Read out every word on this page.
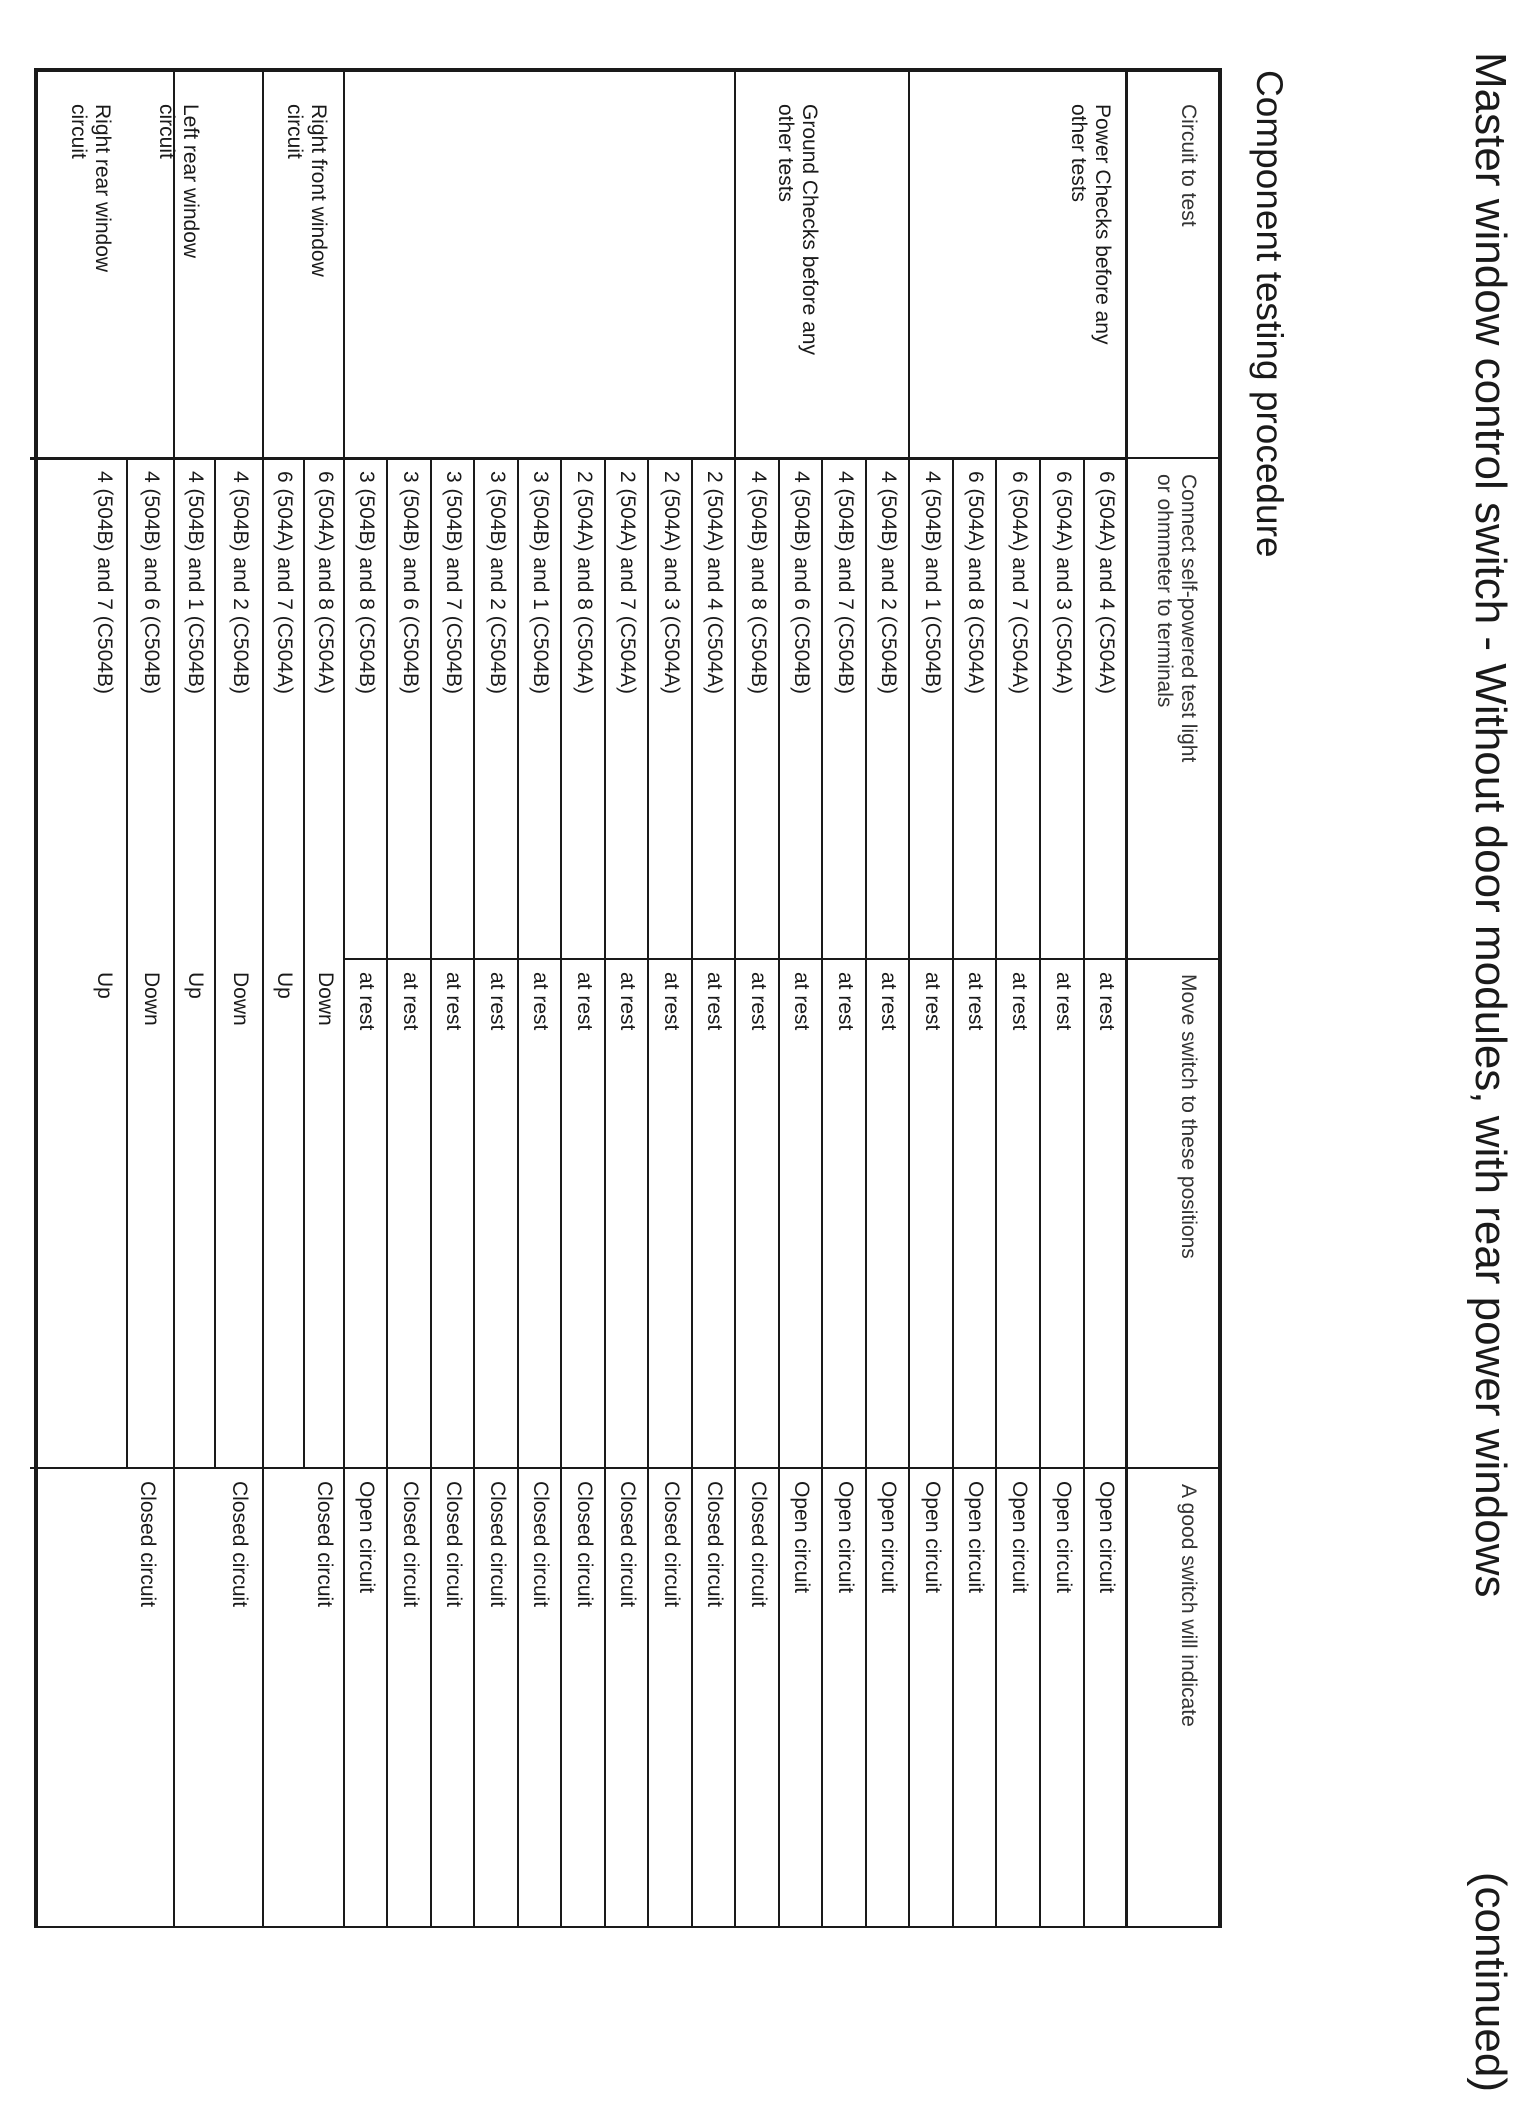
Master window control switch - Without door modules, with rear power windows
(continued)
Component testing procedure
Circuit to test
Connect self-powered test light
or ohmmeter to terminals
Move switch to these positions
A good switch will indicate
Power Checks before any
other tests
Ground Checks before any
other tests
Right front window
circuit
Left rear window
circuit
Right rear window
circuit
6 (504A) and 4 (C504A)
at rest
Open circuit
6 (504A) and 3 (C504A)
at rest
Open circuit
6 (504A) and 7 (C504A)
at rest
Open circuit
6 (504A) and 8 (C504A)
at rest
Open circuit
4 (504B) and 1 (C504B)
at rest
Open circuit
4 (504B) and 2 (C504B)
at rest
Open circuit
4 (504B) and 7 (C504B)
at rest
Open circuit
4 (504B) and 6 (C504B)
at rest
Open circuit
4 (504B) and 8 (C504B)
at rest
Closed circuit
2 (504A) and 4 (C504A)
at rest
Closed circuit
2 (504A) and 3 (C504A)
at rest
Closed circuit
2 (504A) and 7 (C504A)
at rest
Closed circuit
2 (504A) and 8 (C504A)
at rest
Closed circuit
3 (504B) and 1 (C504B)
at rest
Closed circuit
3 (504B) and 2 (C504B)
at rest
Closed circuit
3 (504B) and 7 (C504B)
at rest
Closed circuit
3 (504B) and 6 (C504B)
at rest
Closed circuit
3 (504B) and 8 (C504B)
at rest
Open circuit
6 (504A) and 8 (C504A)
Down
Closed circuit
6 (504A) and 7 (C504A)
Up
4 (504B) and 2 (C504B)
Down
Closed circuit
4 (504B) and 1 (C504B)
Up
4 (504B) and 6 (C504B)
Down
Closed circuit
4 (504B) and 7 (C504B)
Up
